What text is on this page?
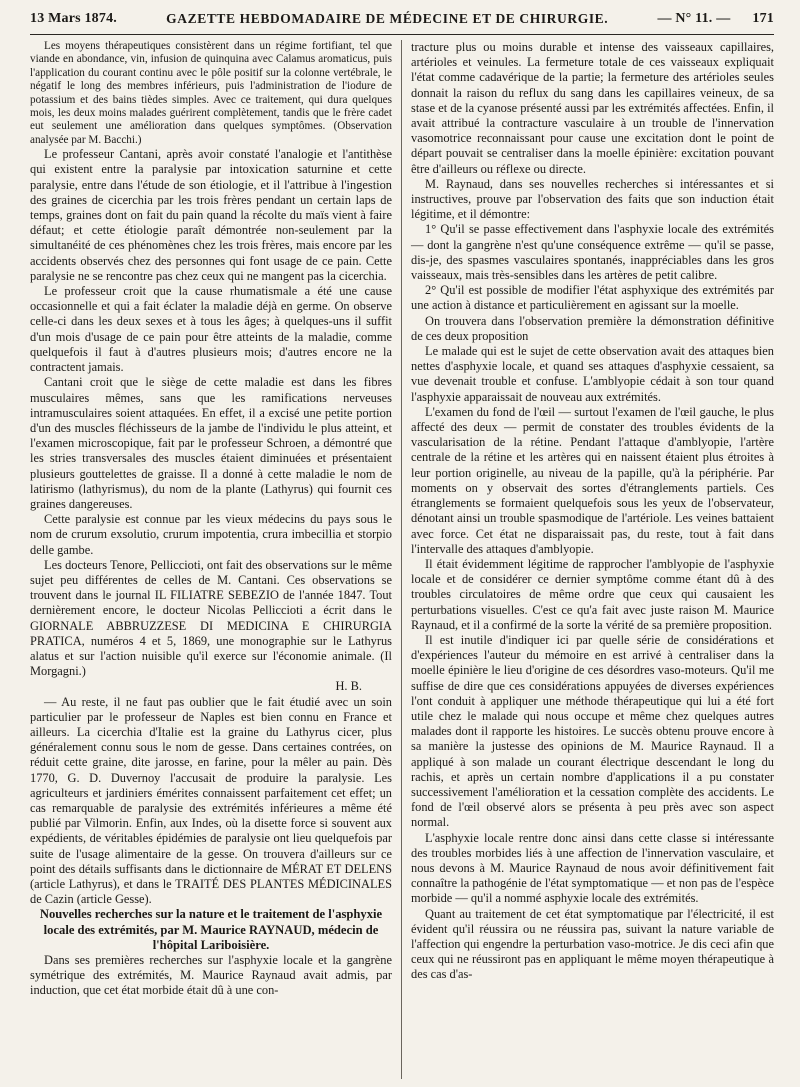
13 Mars 1874.	GAZETTE HEBDOMADAIRE DE MÉDECINE ET DE CHIRURGIE.	— N° 11. — 171

Les moyens thérapeutiques consistèrent dans un régime fortifiant, tel que viande en abondance, vin, infusion de quinquina avec Calamus aromaticus, puis l'application du courant continu avec le pôle positif sur la colonne vertébrale, le négatif le long des membres inférieurs, puis l'administration de l'iodure de potassium et des bains tièdes simples. Avec ce traitement, qui dura quelques mois, les deux moins malades guérirent complètement, tandis que le frère cadet eut seulement une amélioration dans quelques symptômes. (Observation analysée par M. Bacchi.)

Le professeur Cantani, après avoir constaté l'analogie et l'antithèse qui existent entre la paralysie par intoxication saturnine et cette paralysie, entre dans l'étude de son étiologie, et il l'attribue à l'ingestion des graines de cicerchia par les trois frères pendant un certain laps de temps, graines dont on fait du pain quand la récolte du maïs vient à faire défaut; et cette étiologie paraît démontrée non-seulement par la simultanéité de ces phénomènes chez les trois frères, mais encore par les accidents observés chez des personnes qui font usage de ce pain. Cette paralysie ne se rencontre pas chez ceux qui ne mangent pas la cicerchia.

Le professeur croit que la cause rhumatismale a été une cause occasionnelle et qui a fait éclater la maladie déjà en germe. On observe celle-ci dans les deux sexes et à tous les âges; à quelques-uns il suffit d'un mois d'usage de ce pain pour être atteints de la maladie, comme quelquefois il faut à d'autres plusieurs mois; d'autres encore ne la contractent jamais.

Cantani croit que le siège de cette maladie est dans les fibres musculaires mêmes, sans que les ramifications nerveuses intramusculaires soient attaquées. En effet, il a excisé une petite portion d'un des muscles fléchisseurs de la jambe de l'individu le plus atteint, et l'examen microscopique, fait par le professeur Schroen, a démontré que les stries transversales des muscles étaient diminuées et présentaient plusieurs gouttelettes de graisse. Il a donné à cette maladie le nom de latirismo (lathyrismus), du nom de la plante (Lathyrus) qui fournit ces graines dangereuses.

Cette paralysie est connue par les vieux médecins du pays sous le nom de crurum exsolutio, crurum impotentia, crura imbecillia et storpio delle gambe.

Les docteurs Tenore, Pelliccioti, ont fait des observations sur le même sujet peu différentes de celles de M. Cantani. Ces observations se trouvent dans le journal IL FILIATRE SEBEZIO de l'année 1847. Tout dernièrement encore, le docteur Nicolas Pelliccioti a écrit dans le GIORNALE ABBRUZZESE DI MEDICINA E CHIRURGIA PRATICA, numéros 4 et 5, 1869, une monographie sur le Lathyrus alatus et sur l'action nuisible qu'il exerce sur l'économie animale. (Il Morgagni.)

H. B.

— Au reste, il ne faut pas oublier que le fait étudié avec un soin particulier par le professeur de Naples est bien connu en France et ailleurs. La cicerchia d'Italie est la graine du Lathyrus cicer, plus généralement connu sous le nom de gesse. Dans certaines contrées, on réduit cette graine, dite jarosse, en farine, pour la mêler au pain. Dès 1770, G. D. Duvernoy l'accusait de produire la paralysie. Les agriculteurs et jardiniers émérites connaissent parfaitement cet effet; un cas remarquable de paralysie des extrémités inférieures a même été publié par Vilmorin. Enfin, aux Indes, où la disette force si souvent aux expédients, de véritables épidémies de paralysie ont lieu quelquefois par suite de l'usage alimentaire de la gesse. On trouvera d'ailleurs sur ce point des détails suffisants dans le dictionnaire de MÉRAT ET DELENS (article Lathyrus), et dans le TRAITÉ DES PLANTES MÉDICINALES de Cazin (article Gesse).

Nouvelles recherches sur la nature et le traitement de l'asphyxie locale des extrémités, par M. Maurice RAYNAUD, médecin de l'hôpital Lariboisière.

Dans ses premières recherches sur l'asphyxie locale et la gangrène symétrique des extrémités, M. Maurice Raynaud avait admis, par induction, que cet état morbide était dû à une con-

tracture plus ou moins durable et intense des vaisseaux capillaires, artérioles et veinules. La fermeture totale de ces vaisseaux expliquait l'état comme cadavérique de la partie; la fermeture des artérioles seules donnait la raison du reflux du sang dans les capillaires veineux, de sa stase et de la cyanose présenté aussi par les extrémités affectées. Enfin, il avait attribué la contracture vasculaire à un trouble de l'innervation vasomotrice reconnaissant pour cause une excitation dont le point de départ pouvait se centraliser dans la moelle épinière: excitation pouvant être d'ailleurs ou réflexe ou directe.

M. Raynaud, dans ses nouvelles recherches si intéressantes et si instructives, prouve par l'observation des faits que son induction était légitime, et il démontre:

1° Qu'il se passe effectivement dans l'asphyxie locale des extrémités — dont la gangrène n'est qu'une conséquence extrême — qu'il se passe, dis-je, des spasmes vasculaires spontanés, inappréciables dans les gros vaisseaux, mais très-sensibles dans les artères de petit calibre.

2° Qu'il est possible de modifier l'état asphyxique des extrémités par une action à distance et particulièrement en agissant sur la moelle.

On trouvera dans l'observation première la démonstration définitive de ces deux proposition

Le malade qui est le sujet de cette observation avait des attaques bien nettes d'asphyxie locale, et quand ses attaques d'asphyxie cessaient, sa vue devenait trouble et confuse. L'amblyopie cédait à son tour quand l'asphyxie apparaissait de nouveau aux extrémités.

L'examen du fond de l'œil — surtout l'examen de l'œil gauche, le plus affecté des deux — permit de constater des troubles évidents de la vascularisation de la rétine. Pendant l'attaque d'amblyopie, l'artère centrale de la rétine et les artères qui en naissent étaient plus étroites à leur portion originelle, au niveau de la papille, qu'à la périphérie. Par moments on y observait des sortes d'étranglements partiels. Ces étranglements se formaient quelquefois sous les yeux de l'observateur, dénotant ainsi un trouble spasmodique de l'artériole. Les veines battaient avec force. Cet état ne disparaissait pas, du reste, tout à fait dans l'intervalle des attaques d'amblyopie.

Il était évidemment légitime de rapprocher l'amblyopie de l'asphyxie locale et de considérer ce dernier symptôme comme étant dû à des troubles circulatoires de même ordre que ceux qui causaient les perturbations visuelles. C'est ce qu'a fait avec juste raison M. Maurice Raynaud, et il a confirmé de la sorte la vérité de sa première proposition.

Il est inutile d'indiquer ici par quelle série de considérations et d'expériences l'auteur du mémoire en est arrivé à centraliser dans la moelle épinière le lieu d'origine de ces désordres vaso-moteurs. Qu'il me suffise de dire que ces considérations appuyées de diverses expériences l'ont conduit à appliquer une méthode thérapeutique qui lui a été fort utile chez le malade qui nous occupe et même chez quelques autres malades dont il rapporte les histoires. Le succès obtenu prouve encore à sa manière la justesse des opinions de M. Maurice Raynaud. Il a appliqué à son malade un courant électrique descendant le long du rachis, et après un certain nombre d'applications il a pu constater successivement l'amélioration et la cessation complète des accidents. Le fond de l'œil observé alors se présenta à peu près avec son aspect normal.

L'asphyxie locale rentre donc ainsi dans cette classe si intéressante des troubles morbides liés à une affection de l'innervation vasculaire, et nous devons à M. Maurice Raynaud de nous avoir définitivement fait connaître la pathogénie de l'état symptomatique — et non pas de l'espèce morbide — qu'il a nommé asphyxie locale des extrémités.

Quant au traitement de cet état symptomatique par l'électricité, il est évident qu'il réussira ou ne réussira pas, suivant la nature variable de l'affection qui engendre la perturbation vaso-motrice. Je dis ceci afin que ceux qui ne réussiront pas en appliquant le même moyen thérapeutique à des cas d'as-
